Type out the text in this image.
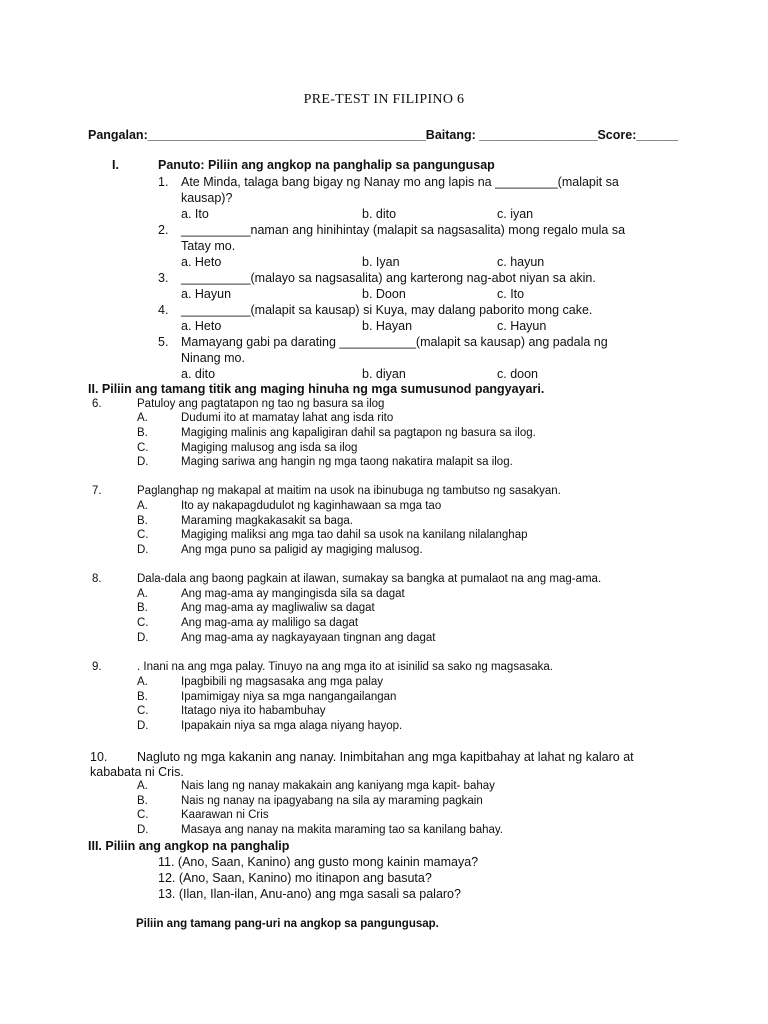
PRE-TEST IN FILIPINO 6
Pangalan:________________________________________Baitang: _________________Score:______
I.	Panuto: Piliin ang angkop na panghalip sa pangungusap
1. Ate Minda, talaga bang bigay ng Nanay mo ang lapis na _________(malapit sa
kausap)?
a. Ito	b. dito	c. iyan
2. __________naman ang hinihintay (malapit sa nagsasalita) mong regalo mula sa
Tatay mo.
a. Heto	b. Iyan	c. hayun
3. __________(malayo sa nagsasalita) ang karterong nag-abot niyan sa akin.
a. Hayun	b. Doon	c. Ito
4. __________(malapit sa kausap) si Kuya, may dalang paborito mong cake.
a. Heto	b. Hayan	c. Hayun
5. Mamayang gabi pa darating ___________(malapit sa kausap) ang padala ng
Ninang mo.
a. dito	b. diyan	c. doon
II. Piliin ang tamang titik ang maging hinuha ng mga sumusunod pangyayari.
6.	Patuloy ang pagtatapon ng tao ng basura sa ilog
A.	Dudumi ito at mamatay lahat ang isda rito
B.	Magiging malinis ang kapaligiran dahil sa pagtapon ng basura sa ilog.
C.	Magiging malusog ang isda sa ilog
D.	Maging sariwa ang hangin ng mga taong nakatira malapit sa ilog.
7.	Paglanghap ng makapal at maitim na usok na ibinubuga ng tambutso ng sasakyan.
A.	Ito ay nakapagdudulot ng kaginhawaan sa mga tao
B.	Maraming magkakasakit sa baga.
C.	Magiging maliksi ang mga tao dahil sa usok na kanilang nilalanghap
D.	Ang mga puno sa paligid ay magiging malusog.
8.	Dala-dala ang baong pagkain at ilawan, sumakay sa bangka at pumalaot na ang mag-ama.
A.	Ang mag-ama ay mangingisda sila sa dagat
B.	Ang mag-ama ay magliwaliw sa dagat
C.	Ang mag-ama ay maliligo sa dagat
D.	Ang mag-ama ay nagkayayaan tingnan ang dagat
9.	. Inani na ang mga palay. Tinuyo na ang mga ito at isinilid sa sako ng magsasaka.
A.	Ipagbibili ng magsasaka ang mga palay
B.	Ipamimigay niya sa mga nangangailangan
C.	Itatago niya ito habambuhay
D.	Ipapakain niya sa mga alaga niyang hayop.
10. Nagluto ng mga kakanin ang nanay. Inimbitahan ang mga kapitbahay at lahat ng kalaro at
kababata ni Cris.
A.	Nais lang ng nanay makakain ang kaniyang mga kapit- bahay
B.	Nais ng nanay na ipagyabang na sila ay maraming pagkain
C.	Kaarawan ni Cris
D.	Masaya ang nanay na makita maraming tao sa kanilang bahay.
III. Piliin ang angkop na panghalip
11. (Ano, Saan, Kanino) ang gusto mong kainin mamaya?
12. (Ano, Saan, Kanino) mo itinapon ang basuta?
13. (Ilan, Ilan-ilan, Anu-ano) ang mga sasali sa palaro?
Piliin ang tamang pang-uri na angkop sa pangungusap.
